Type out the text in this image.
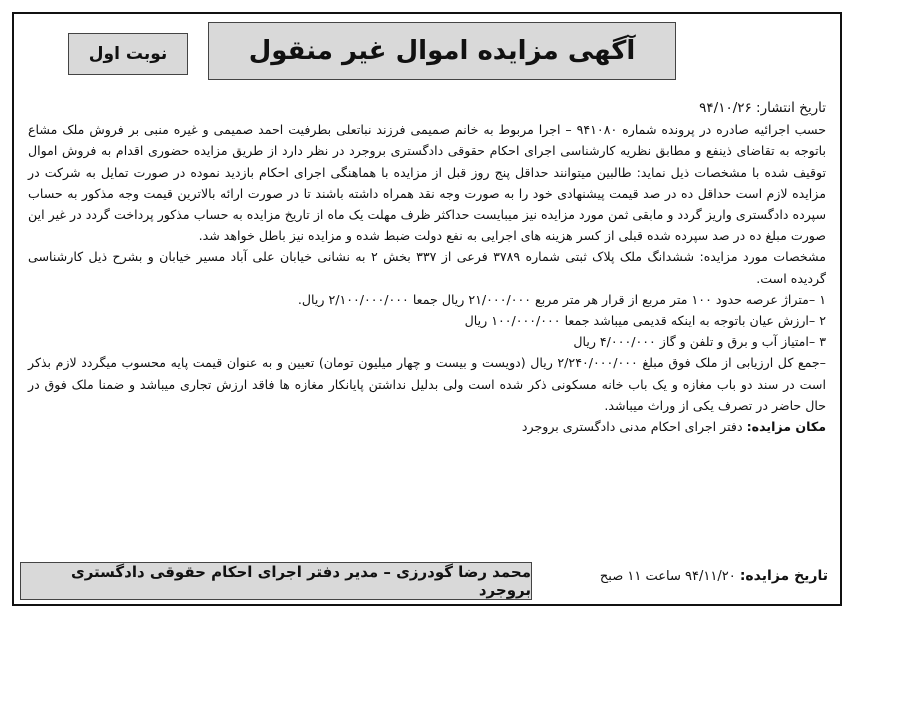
آگهی مزایده اموال غیر منقول
نوبت اول

تاریخ انتشار: ۹۴/۱۰/۲۶

حسب اجرائیه صادره در پرونده شماره ۹۴۱۰۸۰ – اجرا مربوط به خانم صمیمی فرزند نباتعلی بطرفیت احمد صمیمی و غیره منبی بر فروش ملک مشاع باتوجه به تقاضای ذینفع و مطابق نظریه کارشناسی اجرای احکام حقوقی دادگستری بروجرد در نظر دارد از طریق مزایده حضوری اقدام به فروش اموال توقیف شده با مشخصات ذیل نماید: طالبین میتوانند حداقل پنج روز قبل از مزایده با هماهنگی اجرای احکام بازدید نموده در صورت تمایل به شرکت در مزایده لازم است حداقل ده در صد قیمت پیشنهادی خود را به صورت وجه نقد همراه داشته باشند تا در صورت ارائه بالاترین قیمت وجه مذکور به حساب سپرده دادگستری واریز گردد و مابقی ثمن مورد مزایده نیز میبایست حداکثر ظرف مهلت یک ماه از تاریخ مزایده به حساب مذکور پرداخت گردد در غیر این صورت مبلغ ده در صد سپرده شده قبلی از کسر هزینه های اجرایی به نفع دولت ضبط شده و مزایده نیز باطل خواهد شد.

مشخصات مورد مزایده: ششدانگ ملک پلاک ثبتی شماره ۳۷۸۹ فرعی از ۳۳۷ بخش ۲ به نشانی خیابان علی آباد مسیر خیابان و بشرح ذیل کارشناسی گردیده است.

۱ –متراژ عرصه حدود ۱۰۰ متر مربع از قرار هر متر مربع ۲۱/۰۰۰/۰۰۰ ریال جمعا ۲/۱۰۰/۰۰۰/۰۰۰ ریال.

۲ –ارزش عیان باتوجه به اینکه قدیمی میباشد جمعا ۱۰۰/۰۰۰/۰۰۰ ریال

۳ –امتیاز آب و برق و تلفن و گاز ۴/۰۰۰/۰۰۰ ریال

–جمع کل ارزیابی از ملک فوق مبلغ ۲/۲۴۰/۰۰۰/۰۰۰ ریال (دویست و بیست و چهار میلیون تومان) تعیین و به عنوان قیمت پایه محسوب میگردد لازم بذکر است در سند دو باب مغازه و یک باب خانه مسکونی ذکر شده است ولی بدلیل نداشتن پایانکار مغازه ها فاقد ارزش تجاری میباشد و ضمنا ملک فوق در حال حاضر در تصرف یکی از وراث میباشد.

مکان مزایده: دفتر اجرای احکام مدنی دادگستری بروجرد

تاریخ مزایده: ۹۴/۱۱/۲۰ ساعت ۱۱ صبح
محمد رضا گودرزی – مدیر دفتر اجرای احکام حقوقی دادگستری بروجرد
